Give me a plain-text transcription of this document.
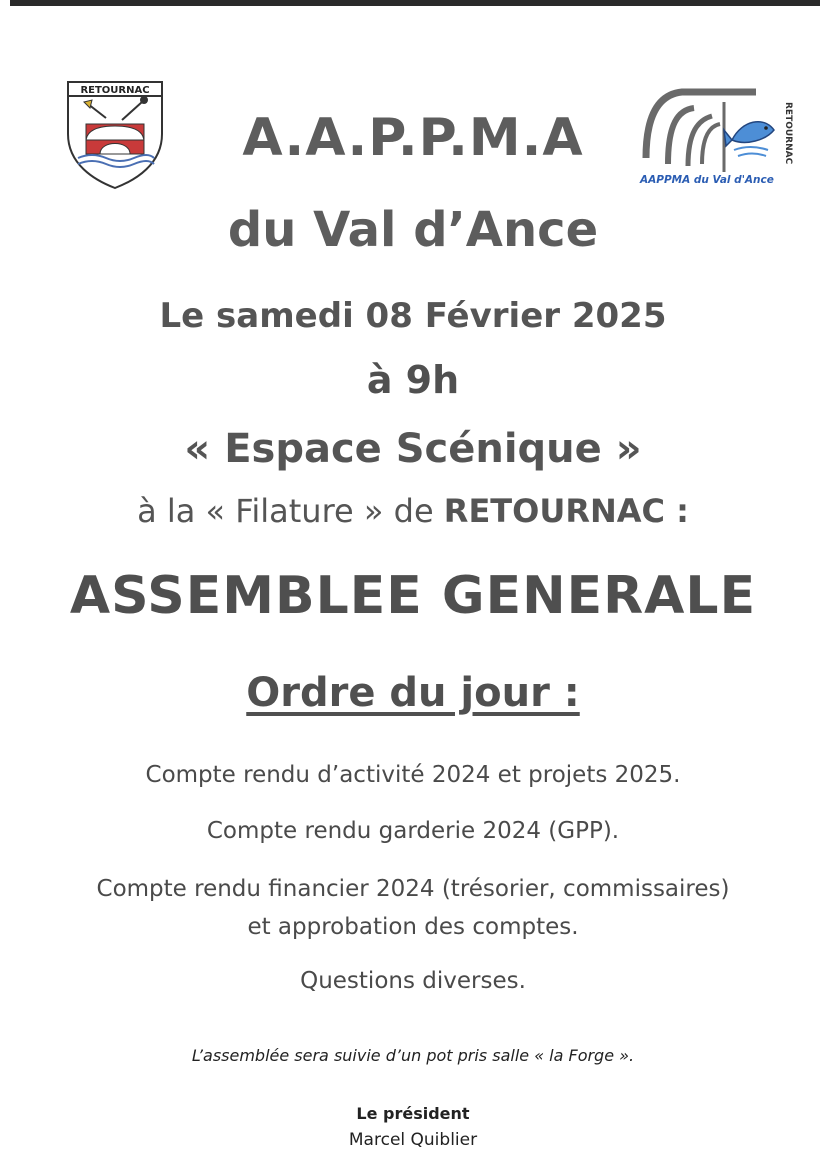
RETOURNAC
RETOURNAC
AAPPMA du Val d'Ance
A.A.P.P.M.A
du Val d’Ance
Le samedi 08 Février 2025
à 9h
« Espace Scénique »
à la « Filature » de RETOURNAC :
ASSEMBLEE GENERALE
Ordre du jour :
Compte rendu d’activité 2024 et projets 2025.
Compte rendu garderie 2024 (GPP).
Compte rendu financier 2024 (trésorier, commissaires)
et approbation des comptes.
Questions diverses.
L’assemblée sera suivie d’un pot pris salle « la Forge ».
Le président
Marcel Quiblier
